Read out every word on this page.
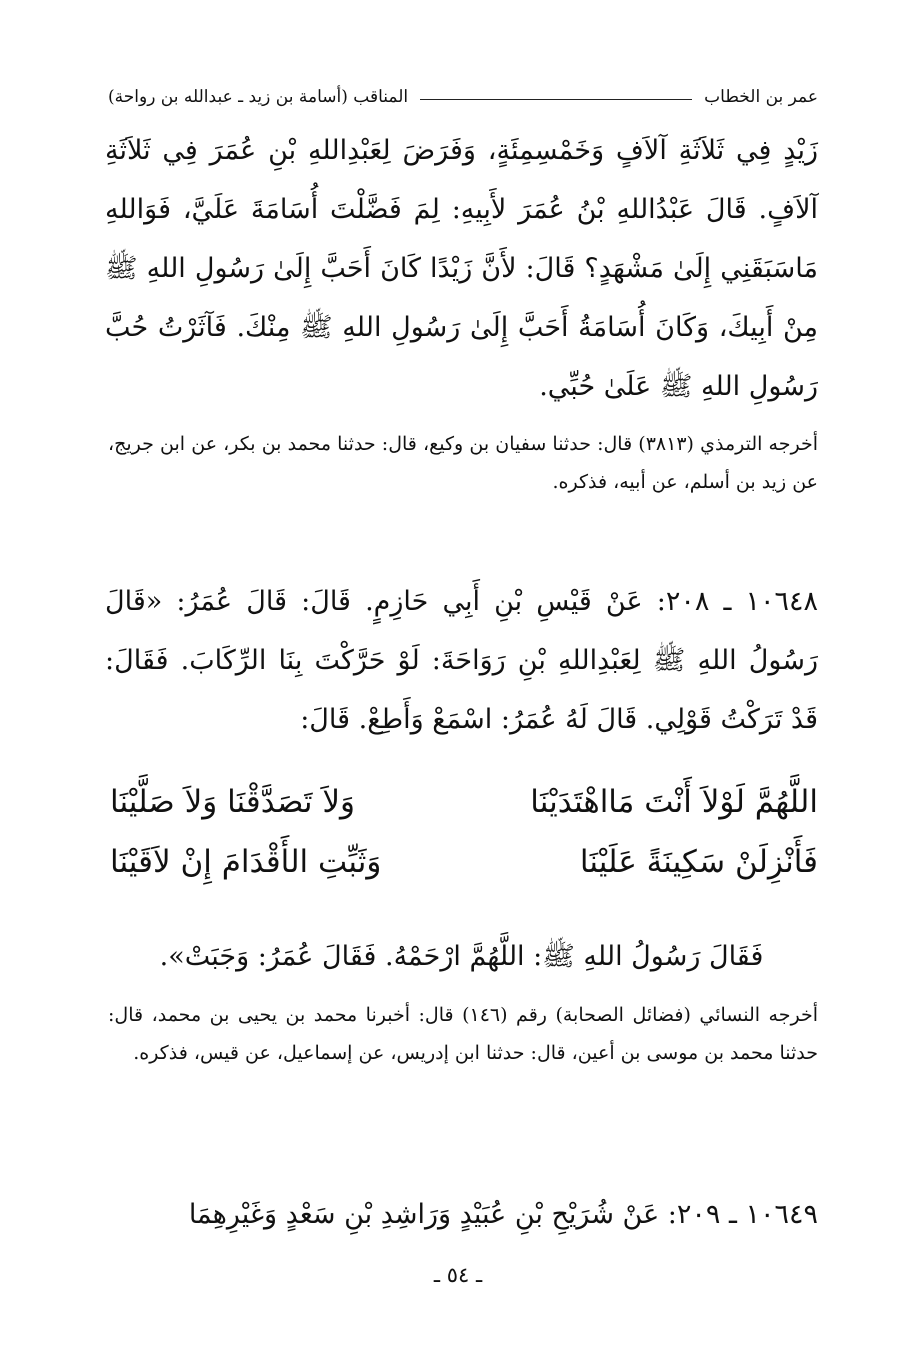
عمر بن الخطاب
المناقب (أسامة بن زيد ـ عبدالله بن رواحة)

زَيْدٍ فِي ثَلاَثَةِ آلاَفٍ وَخَمْسِمِئَةٍ، وَفَرَضَ لِعَبْدِاللهِ بْنِ عُمَرَ فِي ثَلاَثَةِ آلاَفٍ. قَالَ عَبْدُاللهِ بْنُ عُمَرَ لأَبِيهِ: لِمَ فَضَّلْتَ أُسَامَةَ عَلَيَّ، فَوَاللهِ مَاسَبَقَنِي إِلَىٰ مَشْهَدٍ؟ قَالَ: لأَنَّ زَيْدًا كَانَ أَحَبَّ إِلَىٰ رَسُولِ اللهِ ﷺ مِنْ أَبِيكَ، وَكَانَ أُسَامَةُ أَحَبَّ إِلَىٰ رَسُولِ اللهِ ﷺ مِنْكَ. فَآثَرْتُ حُبَّ رَسُولِ اللهِ ﷺ عَلَىٰ حُبِّي.

أخرجه الترمذي (٣٨١٣) قال: حدثنا سفيان بن وكيع، قال: حدثنا محمد بن بكر، عن ابن جريج، عن زيد بن أسلم، عن أبيه، فذكره.

١٠٦٤٨ ـ ٢٠٨: عَنْ قَيْسِ بْنِ أَبِي حَازِمٍ. قَالَ: قَالَ عُمَرُ: «قَالَ رَسُولُ اللهِ ﷺ لِعَبْدِاللهِ بْنِ رَوَاحَةَ: لَوْ حَرَّكْتَ بِنَا الرِّكَابَ. فَقَالَ: قَدْ تَرَكْتُ قَوْلِي. قَالَ لَهُ عُمَرُ: اسْمَعْ وَأَطِعْ. قَالَ:

اللَّهُمَّ لَوْلاَ أَنْتَ مَااهْتَدَيْنَا
وَلاَ تَصَدَّقْنَا وَلاَ صَلَّيْنَا
فَأَنْزِلَنْ سَكِينَةً عَلَيْنَا
وَثَبِّتِ الأَقْدَامَ إِنْ لاَقَيْنَا

فَقَالَ رَسُولُ اللهِ ﷺ: اللَّهُمَّ ارْحَمْهُ. فَقَالَ عُمَرُ: وَجَبَتْ».

أخرجه النسائي (فضائل الصحابة) رقم (١٤٦) قال: أخبرنا محمد بن يحيى بن محمد، قال: حدثنا محمد بن موسى بن أعين، قال: حدثنا ابن إدريس، عن إسماعيل، عن قيس، فذكره.

١٠٦٤٩ ـ ٢٠٩: عَنْ شُرَيْحِ بْنِ عُبَيْدٍ وَرَاشِدِ بْنِ سَعْدٍ وَغَيْرِهِمَا

ـ ٥٤ ـ
